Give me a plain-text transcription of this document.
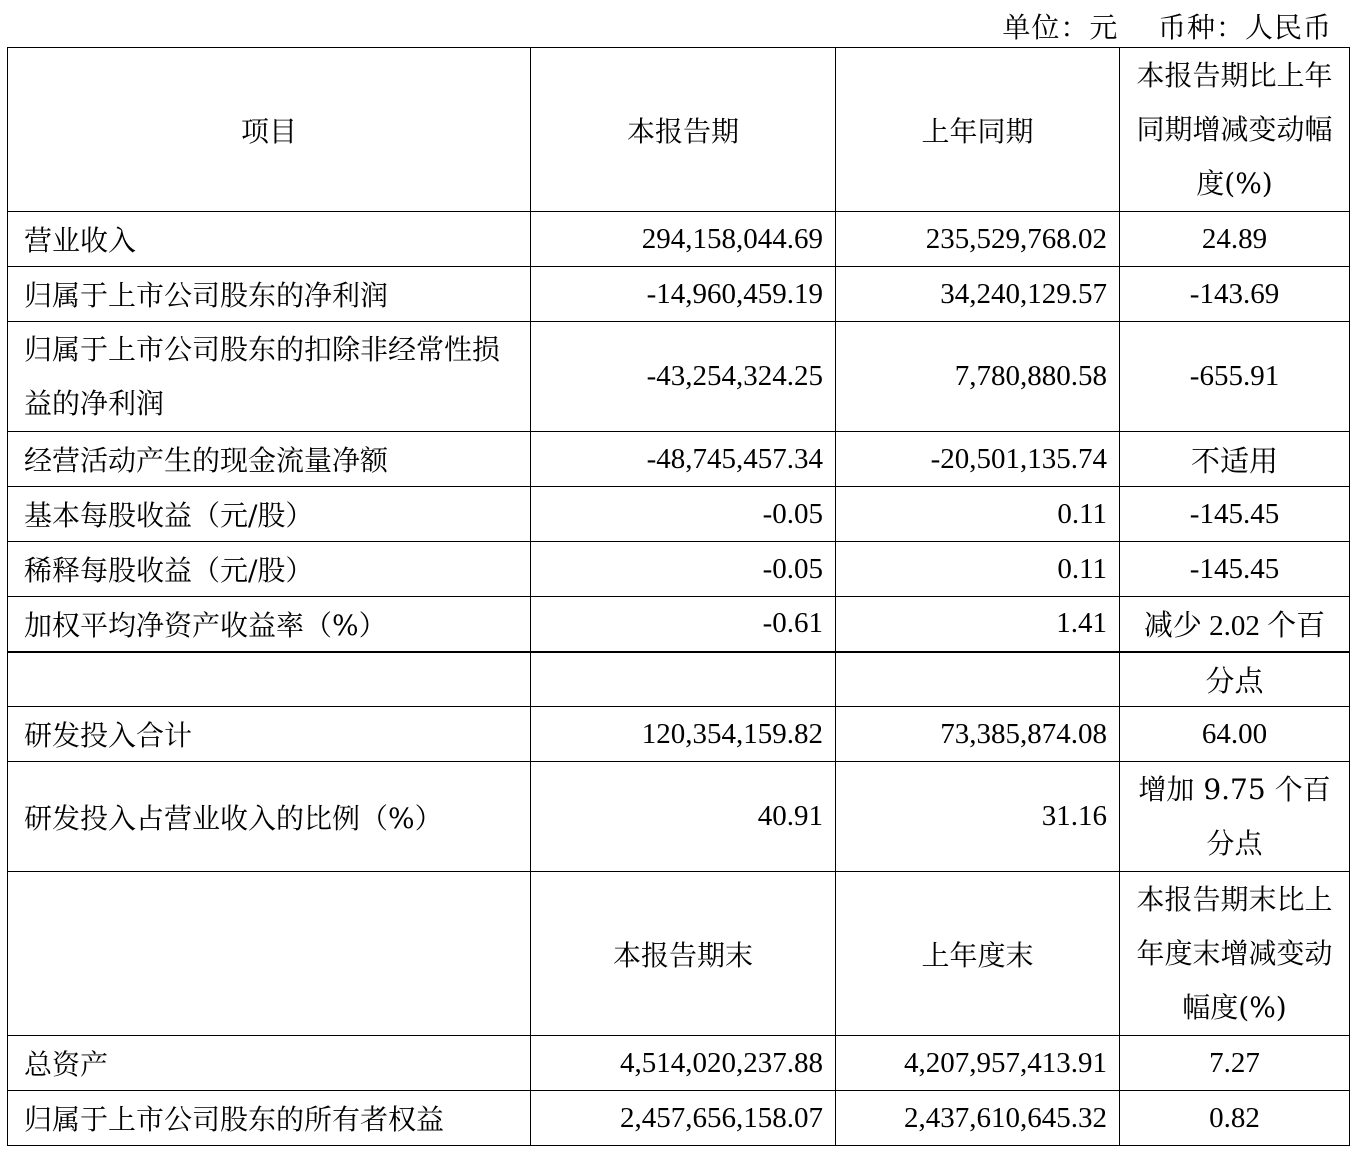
单位：元    币种：人民币
项目	本报告期	上年同期	本报告期比上年同期增减变动幅度(%)
营业收入	294,158,044.69	235,529,768.02	24.89
归属于上市公司股东的净利润	-14,960,459.19	34,240,129.57	-143.69
归属于上市公司股东的扣除非经常性损益的净利润	-43,254,324.25	7,780,880.58	-655.91
经营活动产生的现金流量净额	-48,745,457.34	-20,501,135.74	不适用
基本每股收益（元/股）	-0.05	0.11	-145.45
稀释每股收益（元/股）	-0.05	0.11	-145.45
加权平均净资产收益率（%）	-0.61	1.41	减少 2.02 个百
			分点
研发投入合计	120,354,159.82	73,385,874.08	64.00
研发投入占营业收入的比例（%）	40.91	31.16	增加 9.75 个百分点
	本报告期末	上年度末	本报告期末比上年度末增减变动幅度(%)
总资产	4,514,020,237.88	4,207,957,413.91	7.27
归属于上市公司股东的所有者权益	2,457,656,158.07	2,437,610,645.32	0.82
